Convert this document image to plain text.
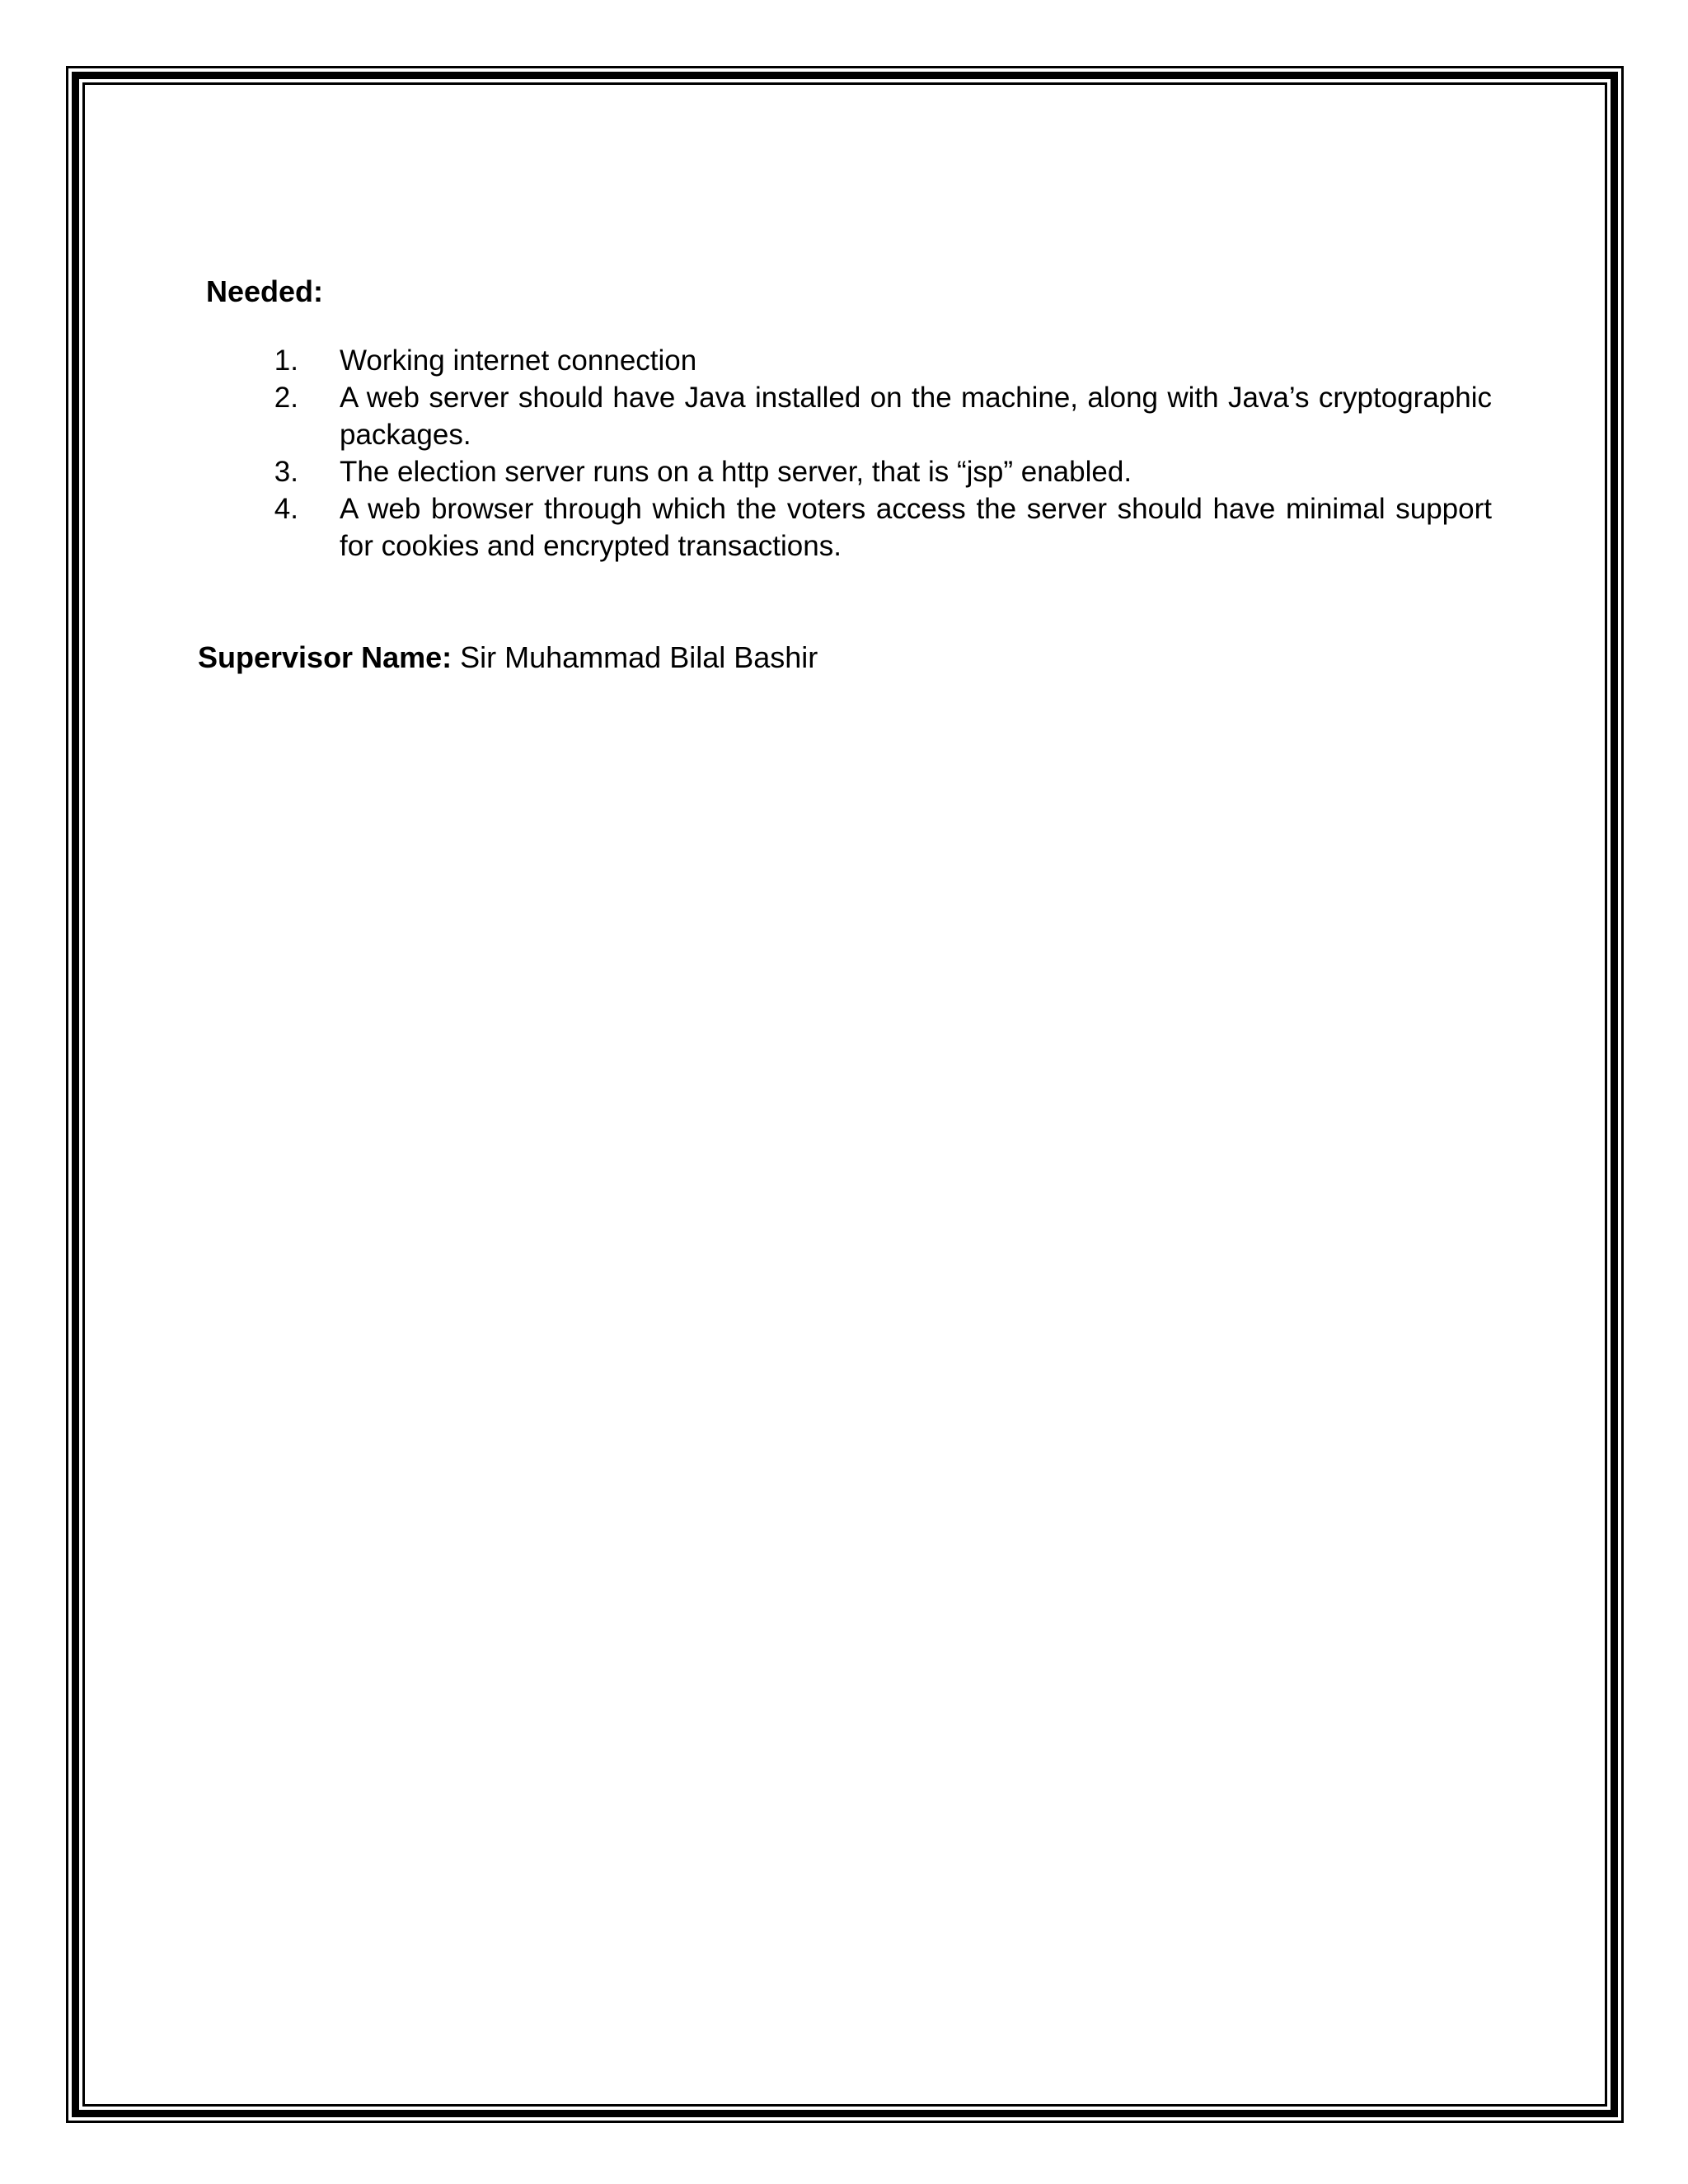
Needed:
1. Working internet connection
2. A web server should have Java installed on the machine, along with Java’s cryptographic packages.
3. The election server runs on a http server, that is “jsp” enabled.
4. A web browser through which the voters access the server should have minimal support for cookies and encrypted transactions.
Supervisor Name: Sir Muhammad Bilal Bashir
